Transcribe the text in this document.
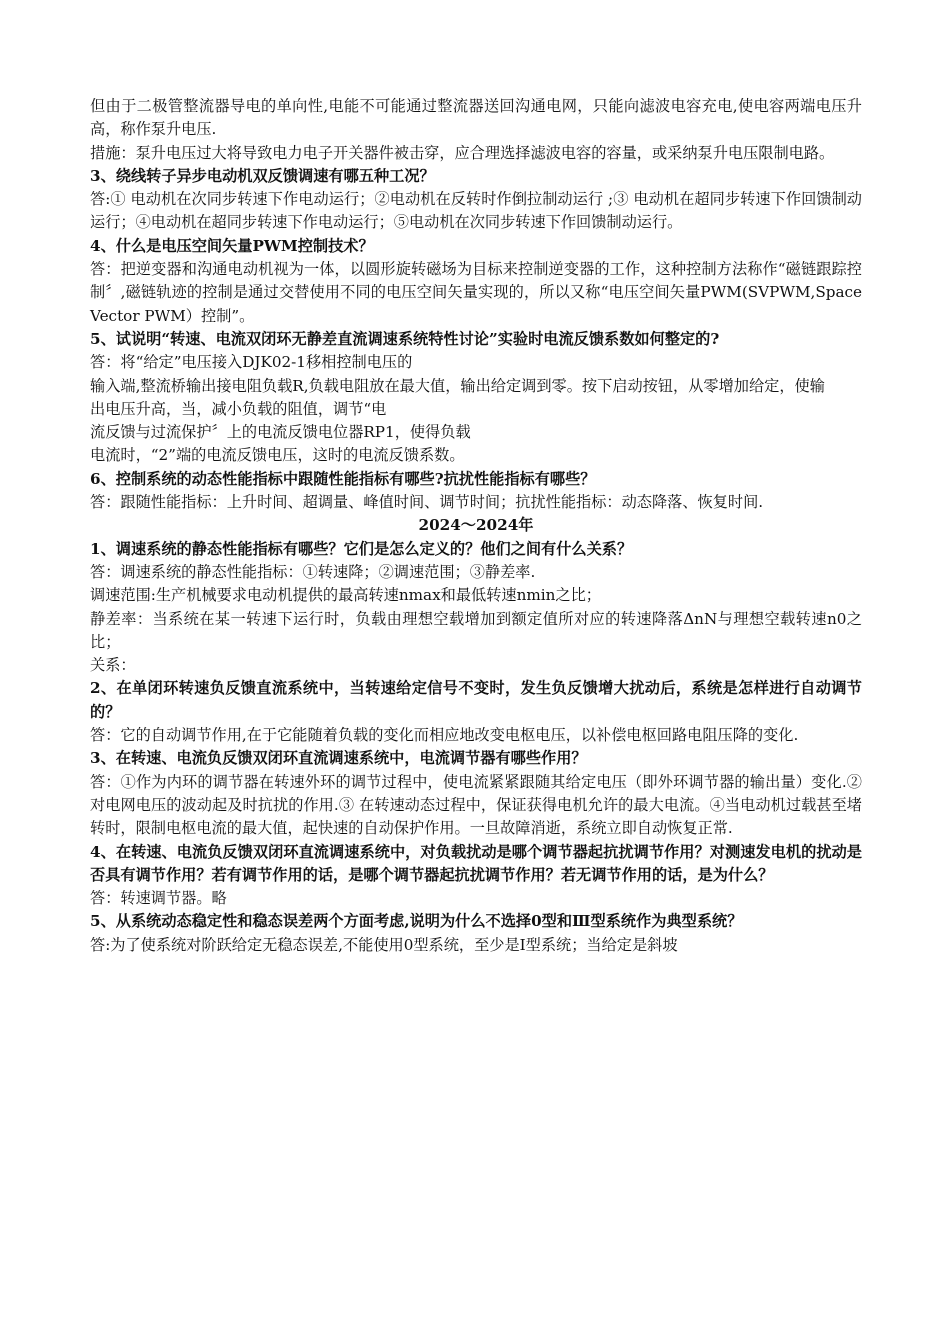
但由于二极管整流器导电的单向性,电能不可能通过整流器送回沟通电网，只能向滤波电容充电,使电容两端电压升高，称作泵升电压.

措施：泵升电压过大将导致电力电子开关器件被击穿，应合理选择滤波电容的容量，或采纳泵升电压限制电路。

3、绕线转子异步电动机双反馈调速有哪五种工况？

答:① 电动机在次同步转速下作电动运行；②电动机在反转时作倒拉制动运行 ;③ 电动机在超同步转速下作回馈制动运行；④电动机在超同步转速下作电动运行；⑤电动机在次同步转速下作回馈制动运行。

4、什么是电压空间矢量PWM控制技术？

答：把逆变器和沟通电动机视为一体，以圆形旋转磁场为目标来控制逆变器的工作，这种控制方法称作“磁链跟踪控制〞,磁链轨迹的控制是通过交替使用不同的电压空间矢量实现的，所以又称“电压空间矢量PWM(SVPWM,Space Vector PWM）控制”。

5、试说明“转速、电流双闭环无静差直流调速系统特性讨论”实验时电流反馈系数如何整定的?

答：将“给定”电压接入DJK02-1移相控制电压的

输入端,整流桥输出接电阻负载R,负载电阻放在最大值，输出给定调到零。按下启动按钮，从零增加给定，使输

出电压升高，当，减小负载的阻值，调节“电

流反馈与过流保护〞上的电流反馈电位器RP1，使得负载

电流时，“2”端的电流反馈电压，这时的电流反馈系数。

6、控制系统的动态性能指标中跟随性能指标有哪些?抗扰性能指标有哪些？

答：跟随性能指标：上升时间、超调量、峰值时间、调节时间；抗扰性能指标：动态降落、恢复时间.

2024～2024年

1、调速系统的静态性能指标有哪些？它们是怎么定义的？他们之间有什么关系？

答：调速系统的静态性能指标：①转速降；②调速范围；③静差率.

调速范围:生产机械要求电动机提供的最高转速nmax和最低转速nmin之比；

静差率：当系统在某一转速下运行时，负载由理想空载增加到额定值所对应的转速降落ΔnN与理想空载转速n0之比；

关系：

2、在单闭环转速负反馈直流系统中，当转速给定信号不变时，发生负反馈增大扰动后，系统是怎样进行自动调节的？

答：它的自动调节作用,在于它能随着负载的变化而相应地改变电枢电压，以补偿电枢回路电阻压降的变化.

3、在转速、电流负反馈双闭环直流调速系统中，电流调节器有哪些作用？

答：①作为内环的调节器在转速外环的调节过程中，使电流紧紧跟随其给定电压（即外环调节器的输出量）变化.② 对电网电压的波动起及时抗扰的作用.③ 在转速动态过程中，保证获得电机允许的最大电流。④当电动机过载甚至堵转时，限制电枢电流的最大值，起快速的自动保护作用。一旦故障消逝，系统立即自动恢复正常.

4、在转速、电流负反馈双闭环直流调速系统中，对负载扰动是哪个调节器起抗扰调节作用？对测速发电机的扰动是否具有调节作用？若有调节作用的话，是哪个调节器起抗扰调节作用？若无调节作用的话，是为什么？

答：转速调节器。略

5、从系统动态稳定性和稳态误差两个方面考虑,说明为什么不选择0型和Ⅲ型系统作为典型系统？

答:为了使系统对阶跃给定无稳态误差,不能使用0型系统，至少是Ⅰ型系统；当给定是斜坡
